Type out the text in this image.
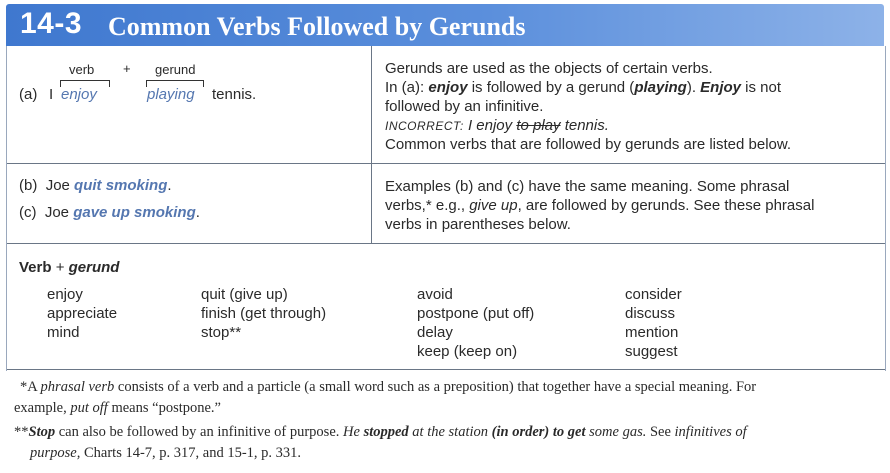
14-3 Common Verbs Followed by Gerunds
verb + gerund
(a) I enjoy	playing tennis.
Gerunds are used as the objects of certain verbs.
In (a): enjoy is followed by a gerund (playing). Enjoy is not
followed by an infinitive.
INCORRECT: I enjoy to play tennis.
Common verbs that are followed by gerunds are listed below.
(b) Joe quit smoking.
(c) Joe gave up smoking.
Examples (b) and (c) have the same meaning. Some phrasal
verbs,* e.g., give up, are followed by gerunds. See these phrasal
verbs in parentheses below.
Verb + gerund
enjoy
appreciate
mind
quit (give up)
finish (get through)
stop**
avoid
postpone (put off)
delay
keep (keep on)
consider
discuss
mention
suggest
*A phrasal verb consists of a verb and a particle (a small word such as a preposition) that together have a special meaning. For
example, put off means “postpone.”
**Stop can also be followed by an infinitive of purpose. He stopped at the station (in order) to get some gas. See infinitives of
purpose, Charts 14-7, p. 317, and 15-1, p. 331.
